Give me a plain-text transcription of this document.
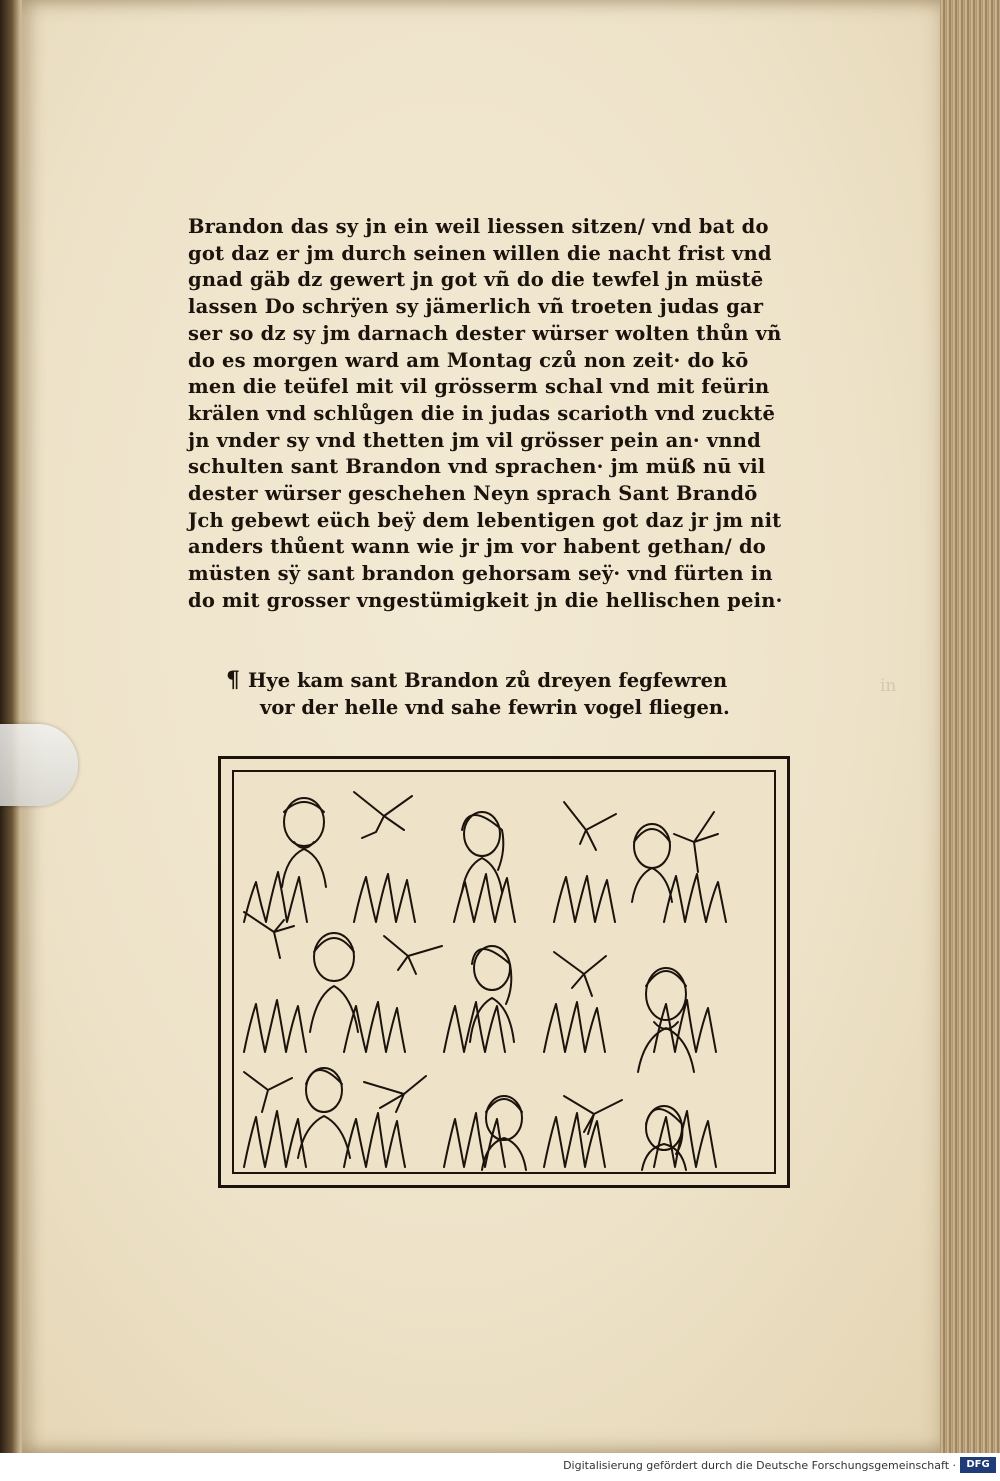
in
Brandon das sy jn ein weil liessen sitzen/ vnd bat do
got daz er jm durch seinen willen die nacht frist vnd
gnad gäb dz gewert jn got vñ do die tewfel jn müstē
lassen Do schrÿen sy jämerlich vñ troeten judas gar
ser so dz sy jm darnach dester würser wolten thůn vñ
do es morgen ward am Montag czů non zeit· do kō
men die teüfel mit vil grösserm schal vnd mit feürin
krälen vnd schlůgen die in judas scarioth vnd zucktē
jn vnder sy vnd thetten jm vil grösser pein an· vnnd
schulten sant Brandon vnd sprachen· jm müß nū vil
dester würser geschehen Neyn sprach Sant Brandō
Jch gebewt eüch beÿ dem lebentigen got daz jr jm nit
anders thůent wann wie jr jm vor habent gethan/ do
müsten sÿ sant brandon gehorsam seÿ· vnd fürten in
do mit grosser vngestümigkeit jn die hellischen pein·
¶ Hye kam sant Brandon zů dreyen fegfewren
vor der helle vnd sahe fewrin vogel fliegen.
Digitalisierung gefördert durch die Deutsche Forschungsgemeinschaft ·	DFG
